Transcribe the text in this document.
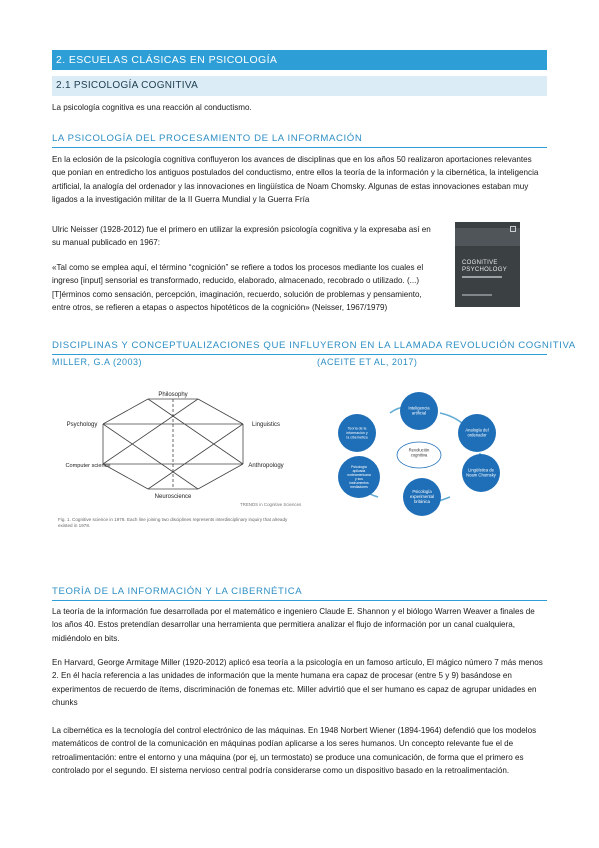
2. ESCUELAS CLÁSICAS EN PSICOLOGÍA
2.1 PSICOLOGÍA COGNITIVA
La psicología cognitiva es una reacción al conductismo.
LA PSICOLOGÍA DEL PROCESAMIENTO DE LA INFORMACIÓN
En la eclosión de la psicología cognitiva confluyeron los avances de disciplinas que en los años 50 realizaron aportaciones relevantes que ponían en entredicho los antiguos postulados del conductismo, entre ellos la teoría de la información y la cibernética, la inteligencia artificial, la analogía del ordenador y las innovaciones en lingüística de Noam Chomsky. Algunas de estas innovaciones estaban muy ligados a la investigación militar de la II Guerra Mundial y la Guerra Fría
Ulric Neisser (1928-2012) fue el primero en utilizar la expresión psicología cognitiva y la expresaba así en su manual publicado en 1967:
«Tal como se emplea aquí, el término “cognición” se refiere a todos los procesos mediante los cuales el ingreso [input] sensorial es transformado, reducido, elaborado, almacenado, recobrado o utilizado. (...) [T]érminos como sensación, percepción, imaginación, recuerdo, solución de problemas y pensamiento, entre otros, se refieren a etapas o aspectos hipotéticos de la cognición» (Neisser, 1967/1979)
COGNITIVE
PSYCHOLOGY
DISCIPLINAS Y CONCEPTUALIZACIONES QUE INFLUYERON EN LA LLAMADA REVOLUCIÓN COGNITIVA
MILLER, G.A (2003)	(ACEITE ET AL, 2017)
Philosophy
Psychology	Linguistics
Computer science	Anthropology
Neuroscience
TRENDS in Cognitive Sciences
Fig. 1. Cognitive science in 1978. Each line joining two disciplines represents interdisciplinary inquiry that already existed in 1978.
Revolución cognitiva
Inteligencia artificial
Analogía del ordenador
Lingüística de Noam Chomsky
Psicología experimental británica
Psicología aplicada norteamericana y sus instrumentos mediadores
Teoría de la información y la cibernética
TEORÍA DE LA INFORMACIÓN Y LA CIBERNÉTICA
La teoría de la información fue desarrollada por el matemático e ingeniero Claude E. Shannon y el biólogo Warren Weaver a finales de los años 40. Estos pretendían desarrollar una herramienta que permitiera analizar el flujo de información por un canal cualquiera, midiéndolo en bits.
En Harvard, George Armitage Miller (1920-2012) aplicó esa teoría a la psicología en un famoso artículo, El mágico número 7 más menos 2. En él hacía referencia a las unidades de información que la mente humana era capaz de procesar (entre 5 y 9) basándose en experimentos de recuerdo de ítems, discriminación de fonemas etc. Miller advirtió que el ser humano es capaz de agrupar unidades en chunks
La cibernética es la tecnología del control electrónico de las máquinas. En 1948 Norbert Wiener (1894-1964) defendió que los modelos matemáticos de control de la comunicación en máquinas podían aplicarse a los seres humanos. Un concepto relevante fue el de retroalimentación: entre el entorno y una máquina (por ej, un termostato) se produce una comunicación, de forma que el primero es controlado por el segundo. El sistema nervioso central podría considerarse como un dispositivo basado en la retroalimentación.
